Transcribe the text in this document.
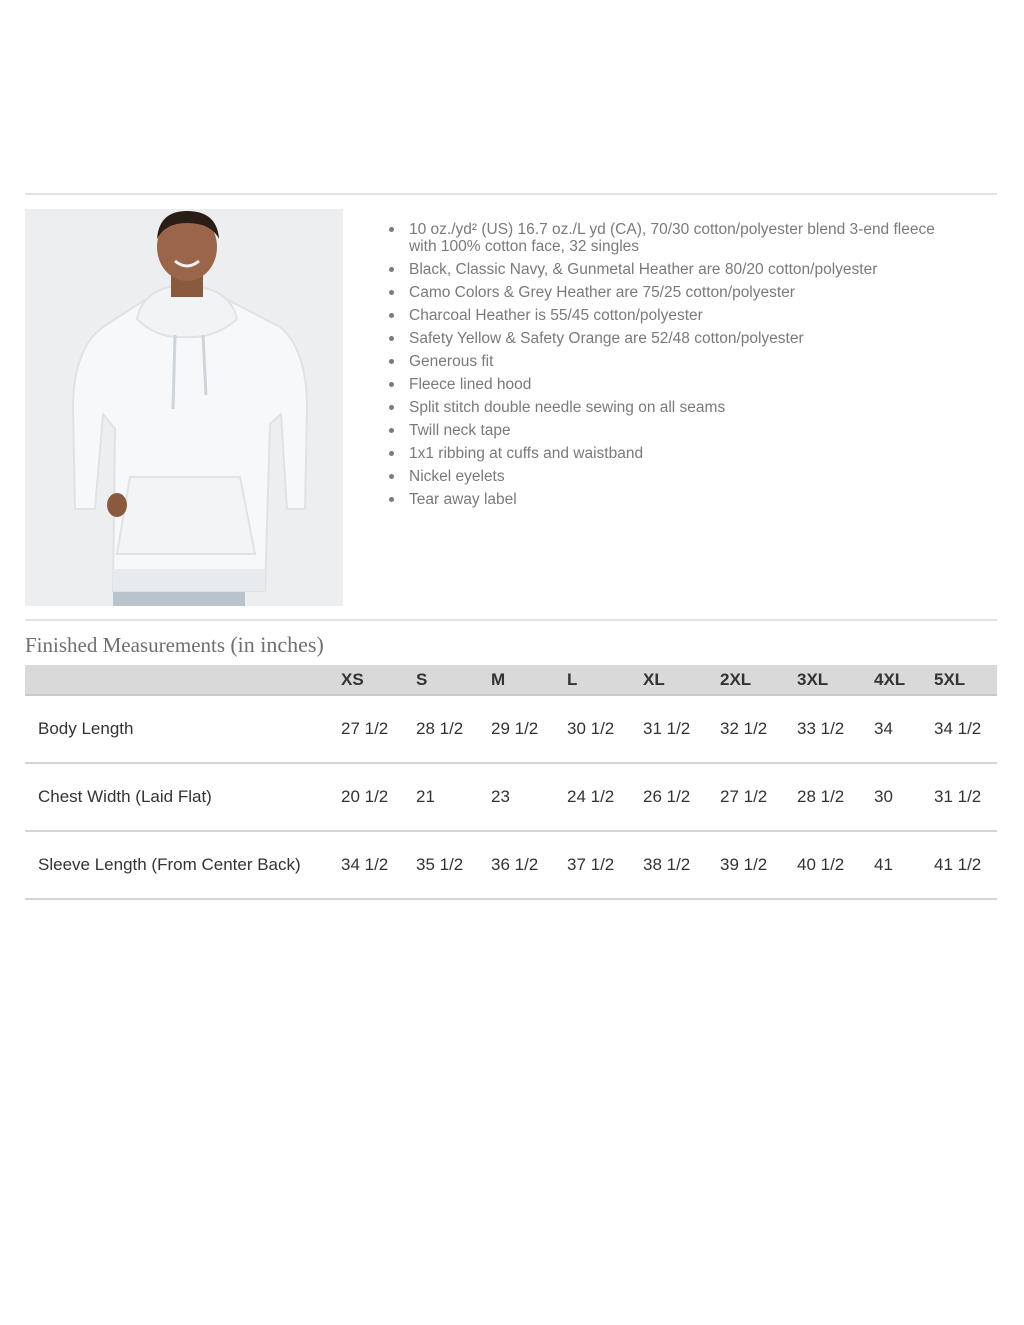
10 oz./yd² (US) 16.7 oz./L yd (CA), 70/30 cotton/polyester blend 3-end fleece with 100% cotton face, 32 singles
Black, Classic Navy, & Gunmetal Heather are 80/20 cotton/polyester
Camo Colors & Grey Heather are 75/25 cotton/polyester
Charcoal Heather is 55/45 cotton/polyester
Safety Yellow & Safety Orange are 52/48 cotton/polyester
Generous fit
Fleece lined hood
Split stitch double needle sewing on all seams
Twill neck tape
1x1 ribbing at cuffs and waistband
Nickel eyelets
Tear away label
Finished Measurements (in inches)
	XS	S	M	L	XL	2XL	3XL	4XL	5XL
Body Length	27 1/2	28 1/2	29 1/2	30 1/2	31 1/2	32 1/2	33 1/2	34	34 1/2
Chest Width (Laid Flat)	20 1/2	21	23	24 1/2	26 1/2	27 1/2	28 1/2	30	31 1/2
Sleeve Length (From Center Back)	34 1/2	35 1/2	36 1/2	37 1/2	38 1/2	39 1/2	40 1/2	41	41 1/2
